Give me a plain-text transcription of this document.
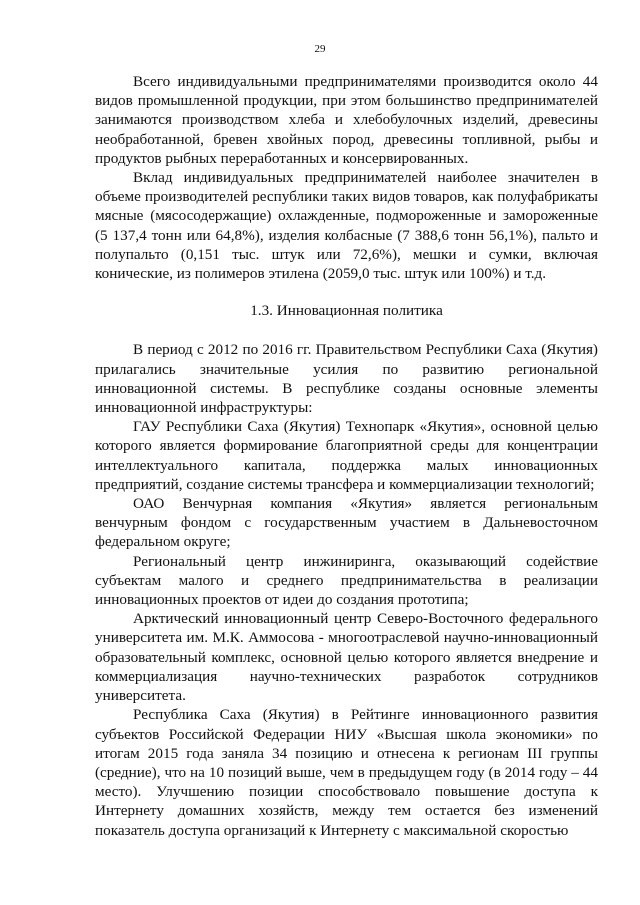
29

Всего индивидуальными предпринимателями производится около 44 видов промышленной продукции, при этом большинство предпринимателей занимаются производством хлеба и хлебобулочных изделий, древесины необработанной, бревен хвойных пород, древесины топливной, рыбы и продуктов рыбных переработанных и консервированных.

Вклад индивидуальных предпринимателей наиболее значителен в объеме производителей республики таких видов товаров, как полуфабрикаты мясные (мясосодержащие) охлажденные, подмороженные и замороженные (5 137,4 тонн или 64,8%), изделия колбасные (7 388,6 тонн 56,1%), пальто и полупальто (0,151 тыс. штук или 72,6%), мешки и сумки, включая конические, из полимеров этилена (2059,0 тыс. штук или 100%) и т.д.

1.3. Инновационная политика

В период с 2012 по 2016 гг. Правительством Республики Саха (Якутия) прилагались значительные усилия по развитию региональной инновационной системы. В республике созданы основные элементы инновационной инфраструктуры:

ГАУ Республики Саха (Якутия) Технопарк «Якутия», основной целью которого является формирование благоприятной среды для концентрации интеллектуального капитала, поддержка малых инновационных предприятий, создание системы трансфера и коммерциализации технологий;

ОАО Венчурная компания «Якутия» является региональным венчурным фондом с государственным участием в Дальневосточном федеральном округе;

Региональный центр инжиниринга, оказывающий содействие субъектам малого и среднего предпринимательства в реализации инновационных проектов от идеи до создания прототипа;

Арктический инновационный центр Северо-Восточного федерального университета им. М.К. Аммосова - многоотраслевой научно-инновационный образовательный комплекс, основной целью которого является внедрение и коммерциализация научно-технических разработок сотрудников университета.

Республика Саха (Якутия) в Рейтинге инновационного развития субъектов Российской Федерации НИУ «Высшая школа экономики» по итогам 2015 года заняла 34 позицию и отнесена к регионам III группы (средние), что на 10 позиций выше, чем в предыдущем году (в 2014 году – 44 место). Улучшению позиции способствовало повышение доступа к Интернету домашних хозяйств, между тем остается без изменений показатель доступа организаций к Интернету с максимальной скоростью
